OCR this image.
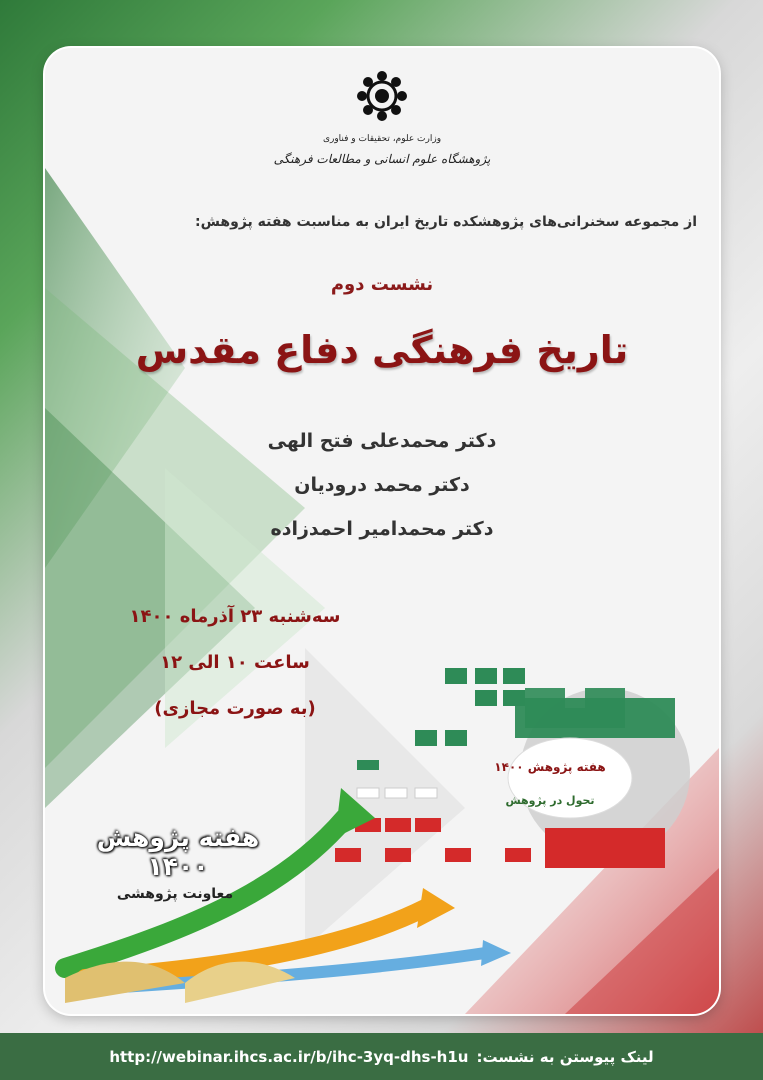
وزارت علوم، تحقیقات و فناوری
پژوهشگاه علوم انسانی و مطالعات فرهنگی
از مجموعه سخنرانی‌های پژوهشکده تاریخ ایران به مناسبت هفته پژوهش:
نشست دوم
تاریخ فرهنگی دفاع مقدس
دکتر محمدعلی فتح الهی
دکتر محمد درودیان
دکتر محمدامیر احمدزاده
سه‌شنبه ۲۳ آذرماه ۱۴۰۰
ساعت ۱۰ الی ۱۲
(به صورت مجازی)
هفته پژوهش ۱۴۰۰
تحول در پژوهش
هفته پژوهش ۱۴۰۰
معاونت پژوهشی
لینک پیوستن به نشست:
http://webinar.ihcs.ac.ir/b/ihc-3yq-dhs-h1u
